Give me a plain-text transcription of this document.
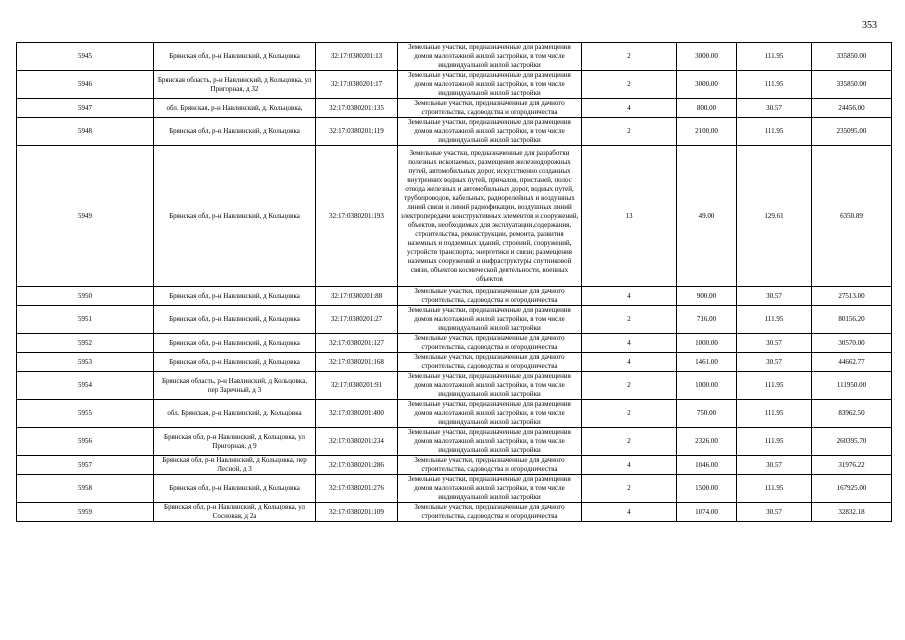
353
5945	Брянская обл, р-н Навлинский, д Кольцовка	32:17:0380201:13	Земельные участки, предназначенные для размещения домов малоэтажной жилой застройки, в том числе индивидуальной жилой застройки	2	3000.00	111.95	335850.00
5946	Брянская область, р-н Навлинский, д Кольцовка, ул Пригорная, д 32	32:17:0380201:17	Земельные участки, предназначенные для размещения домов малоэтажной жилой застройки, в том числе индивидуальной жилой застройки	2	3000.00	111.95	335850.00
5947	обл. Брянская, р-н Навлинский, д. Кольцовка,	32:17:0380201:135	Земельные участки, предназначенные для дачного строительства, садоводства и огородничества	4	800.00	30.57	24456.00
5948	Брянская обл, р-н Навлинский, д Кольцовка	32:17:0380201:119	Земельные участки, предназначенные для размещения домов малоэтажной жилой застройки, в том числе индивидуальной жилой застройки	2	2100.00	111.95	235095.00
5949	Брянская обл, р-н Навлинский, д Кольцовка	32:17:0380201:193	Земельные участки, предназначенные для разработки полезных ископаемых, размещения железнодорожных путей, автомобильных дорог, искусственно созданных внутренних водных путей, причалов, пристаней, полос отвода железных и автомобильных дорог, водных путей, трубопроводов, кабельных, радиорелейных и воздушных линий связи и линий радиофикации, воздушных линий электропередачи конструктивных элементов и сооружений, объектов, необходимых для эксплуатации,содержания, строительства, реконструкции, ремонта, развития наземных и подземных зданий, строений, сооружений, устройств транспорта, энергетики и связи; размещения наземных сооружений и инфраструктуры спутниковой связи, объектов космической деятельности, военных объектов	13	49.00	129.61	6350.89
5950	Брянская обл, р-н Навлинский, д Кольцовка	32:17:0380201:88	Земельные участки, предназначенные для дачного строительства, садоводства и огородничества	4	900.00	30.57	27513.00
5951	Брянская обл, р-н Навлинский, д Кольцовка	32:17:0380201:27	Земельные участки, предназначенные для размещения домов малоэтажной жилой застройки, в том числе индивидуальной жилой застройки	2	716.00	111.95	80156.20
5952	Брянская обл, р-н Навлинский, д Кольцовка	32:17:0380201:127	Земельные участки, предназначенные для дачного строительства, садоводства и огородничества	4	1000.00	30.57	30570.00
5953	Брянская обл, р-н Навлинский, д Кольцовка	32:17:0380201:168	Земельные участки, предназначенные для дачного строительства, садоводства и огородничества	4	1461.00	30.57	44662.77
5954	Брянская область, р-н Навлинский, д Кольцовка, пер Заречный, д 3	32:17:0380201:91	Земельные участки, предназначенные для размещения домов малоэтажной жилой застройки, в том числе индивидуальной жилой застройки	2	1000.00	111.95	111950.00
5955	обл. Брянская, р-н Навлинский, д. Кольцовка	32:17:0380201:400	Земельные участки, предназначенные для размещения домов малоэтажной жилой застройки, в том числе индивидуальной жилой застройки	2	750.00	111.95	83962.50
5956	Брянская обл, р-н Навлинский, д Кольцовка, ул Пригорная, д 9	32:17:0380201:234	Земельные участки, предназначенные для размещения домов малоэтажной жилой застройки, в том числе индивидуальной жилой застройки	2	2326.00	111.95	260395.70
5957	Брянская обл, р-н Навлинский, д Кольцовка, пер Лесной, д 3	32:17:0380201:286	Земельные участки, предназначенные для дачного строительства, садоводства и огородничества	4	1046.00	30.57	31976.22
5958	Брянская обл, р-н Навлинский, д Кольцовка	32:17:0380201:276	Земельные участки, предназначенные для размещения домов малоэтажной жилой застройки, в том числе индивидуальной жилой застройки	2	1500.00	111.95	167925.00
5959	Брянская обл, р-н Навлинский, д Кольцовка, ул Сосновая, д 2а	32:17:0380201:109	Земельные участки, предназначенные для дачного строительства, садоводства и огородничества	4	1074.00	30.57	32832.18
